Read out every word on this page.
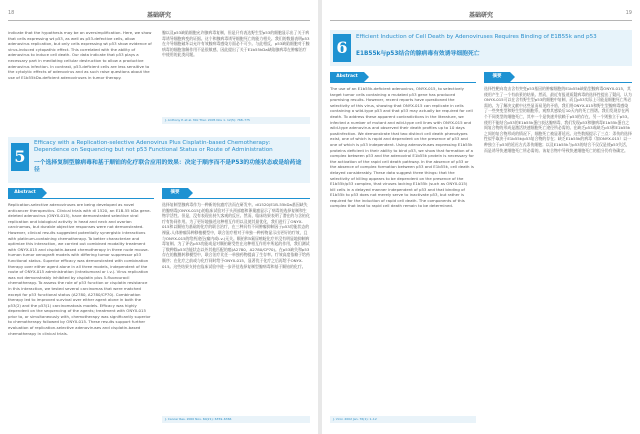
18	基础研究

indicate that the hypothesis may be an oversimplification. Here, we show that cells expressing wt p53, as well as p53-defective cells, allow adenovirus replication, but only cells expressing wt p53 show evidence of virus-induced cytopathic effect. This correlated with the ability of adenovirus to induce cell death. Our data indicate that p53 plays a necessary part in mediating cellular destruction to allow a productive adenovirus infection. In contrast, p53-deficient cells are less sensitive to the cytolytic effects of adenovirus and as such raise questions about the use of E1b55kDa-deficient adenoviruses in tumor therapy.

腺以及p53缺陷细胞允许腺病毒复制，但是只有表达野生型p53的细胞显示出了关于病毒诱导细胞病变的证据。这个和腺病毒诱导细胞死亡的能力相关。我们的数据表明p53在介导细胞破坏以允许有效腺病毒感染方面必不可少。与此相反，p53缺陷细胞对于腺病毒的细胞溶解作用不是很敏感，因此提出了关于E1b55kDa缺陷腺病毒在肿瘤治疗中使用的此类问题。

J. Anthony P. et al. Mol Ther. 2005 Nov 1. 12(5): 768–775
5
Efficacy with a Replication-selective Adenovirus Plus Cisplatin-based Chemotherapy: Dependence on Sequencing but not p53 Functional Status or Route of Administration
一个选择复制型腺病毒和基于顺铂的化疗联合应用的效果：决定于顺序而不是P53的功能状态或是给药途径
Abstract	摘要

Replication-selective adenoviruses are being developed as novel anticancer therapeutics. Clinical trials with dl 1520, an E1B-55 kDa gene-deleted adenovirus (ONYX-015), have demonstrated selective viral replication and biological activity in head and neck and ovarian carcinomas, but durable objective responses were not demonstrated. However, clinical results suggested potentially synergistic interactions with platinum-containing chemotherapy. To better characterize and optimize this interaction, we carried out combined modality treatment with ONYX-015 and cisplatin-based chemotherapy in three nude mouse-human tumor xenograft models with differing tumor suppressor p53 functional status. Superior efficacy was demonstrated with combination therapy over either agent alone in all three models, independent of the route of ONYX-015 administration (intratumoral or i.v.). Virus replication was not demonstrably inhibited by cisplatin plus 5-fluorouracil chemotherapy. To assess the role of p53 function or cisplatin resistance in this interaction, we tested several carcinomas that were matched except for p53 functional status (A2780, A2780/CP70). Combination therapy led to improved survival over either agent alone in both the p53(2) and the p53(1) carcinomatosis models. Efficacy was highly dependent on the sequencing of the agents; treatment with ONYX-015 prior to, or simultaneously with, chemotherapy was significantly superior to chemotherapy followed by ONYX-015. These results support further evaluation of replication-selective adenoviruses and cisplatin-based chemotherapy in clinical trials.

选择复制型腺病毒作为一种新的抗癌疗法而在研发中。dl1520(E1B-55kDa基因缺失的腺病毒[ONYX-015])的临床试验对于头颈部癌和卵巢癌显示了病毒的选择复制和生物学活性。但是，没有表现出持久客观的反应。然而，临床结果表明了潜在的与含铂化疗有协同作用。为了更好地描述这种相互作用以及使其最优化，我们进行了ONYX-015和以顺铂为基础的化疗的联合治疗，在三种具有不同肿瘤抑制因子p53功能状态的裸鼠-人体肿瘤异种移植模型中，联合治疗相对于单独一种药物显示出更好的疗效，且与ONYX-015的给药途径(瘤内或i.v.)无关。顺铂和5氟尿嘧啶化疗并没有明显地抑制病毒复制。为了评估p53功能或是对顺铂耐受性在这种相互作用中所起的作用，我们测试了数种除p53功能状态以外其他匹配的癌(A2780，A2780/CP70)。在p53缺失和p53存在的腹膜转移模型中，联合治疗比任一单独药物提高了生存率。疗效高度依赖于给药顺序；在化疗之前或与化疗同时给予ONYX-015，显著优于化疗之后再给予ONYX-015。这些结果支持在临床试验中进一步评估选择复制型腺病毒和基于顺铂的化疗。

J. Cancer Res. 2000 Nov. 60(21): 6359–6366
19
基础研究
6
Efficient Induction of Cell Death by Adenoviruses Requires Binding of E1B55k and p53
E1B55k与p53结合的腺病毒有效诱导细胞死亡
Abstract	摘要

The use of an E1b55k-deficient adenovirus, ONYX-015, to selectively target tumor cells containing a mutated p53 gene has produced promising results. However, recent reports have questioned the selectivity of this virus, showing that ONYX-015 can replicate in cells containing a wild-type p53 and that p53 may actually be required for cell death. To address these apparent contradictions in the literature, we infected a number of mutant and wild-type cell lines with ONYX-015 and wild-type adenovirus and observed their death profiles up to 10 days postinfection. We demonstrate that two distinct cell death phenotypes exist, one of which is rapid and dependent on the presence of p53 and one of which is p53 independent. Using adenoviruses expressing E1b55k proteins deficient in their ability to bind p53, we show that formation of a complex between p53 and the adenoviral E1b55k protein is necessary for the activation of the rapid cell death pathway. In the absence of p53 or the absence of complex formation between p53 and E1b55k, cell death is delayed considerably. These data suggest three things: that the selectivity of killing appears to be dependent on the presence of the E1b55k/p53 complex, that viruses lacking E1b55k (such as ONYX-015) kill cells in a delayed manner independent of p53 and that binding of E1b55k to p53 does not merely serve to inactivate p53, but rather is required for the induction of rapid cell death. The components of this complex that lead to rapid cell death remain to be determined.

选择性靶向攻击含有突变p53基因的肿瘤细胞的E1b55k缺陷型腺病毒ONYX-015，其使用产生了一个有前景的结果。然而，最近有报道质疑病毒的选择性提出了疑问，认为ONYX-015可以在含有野生型p53的细胞中复制，而且p53实际上可能是细胞死亡所必需的。为了解决文献中这些显而易见的矛盾，我们用ONYX-015和野生型腺病毒感染了一些突变型和野生型的细胞系，观察其感染后10天内的死亡图谱。我们发现存在两个不同类型的细胞死亡，其中一个是快速并依赖于p53的存在，另一个则独立于p53。使用不能结合p53的E1b55k蛋白表达腺病毒，我们发现p53和腺病毒E1b55k蛋白之间复合物的形成是激活快速细胞死亡途径所必需的。在缺乏p53或缺乏p53和E1b55k之间的复合物形成的情况下，细胞死亡被显著延迟。这些数据提示了三点：杀伤的选择性似乎取决于E1b55k/p53复合物的存在；缺乏E1b55k的病毒（如ONYX-015）以一种独立于p53的延迟方式杀伤细胞；以及E1b55k与p53的结合不仅仅是使p53失活，而是诱导快速细胞死亡所必需的。该复合物中导致快速细胞死亡的组分仍有待确定。

J. Virol. 2002 Jan. 76(1): 1–12
